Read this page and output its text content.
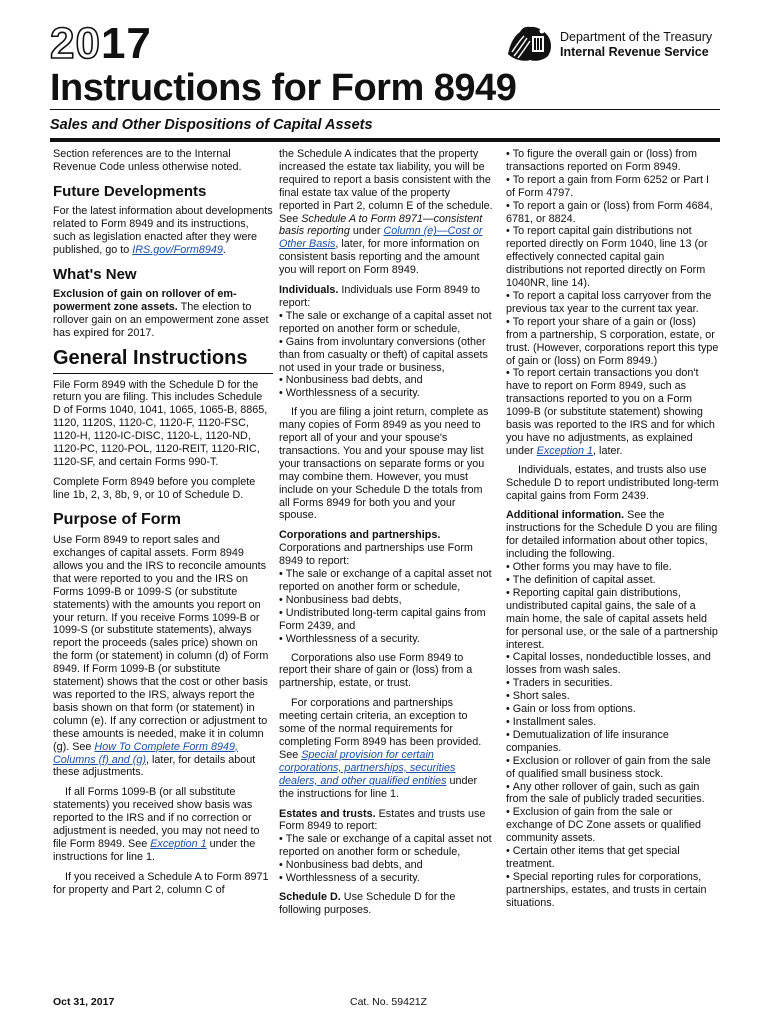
2017
Instructions for Form 8949
Department of the Treasury
Internal Revenue Service
Sales and Other Dispositions of Capital Assets

Section references are to the Internal Revenue Code unless otherwise noted.

Future Developments

For the latest information about developments related to Form 8949 and its instructions, such as legislation enacted after they were published, go to IRS.gov/Form8949.

What's New

Exclusion of gain on rollover of em-powerment zone assets. The election to rollover gain on an empowerment zone asset has expired for 2017.

General Instructions

File Form 8949 with the Schedule D for the return you are filing. This includes Schedule D of Forms 1040, 1041, 1065, 1065-B, 8865, 1120, 1120S, 1120-C, 1120-F, 1120-FSC, 1120-H, 1120-IC-DISC, 1120-L, 1120-ND, 1120-PC, 1120-POL, 1120-REIT, 1120-RIC, 1120-SF, and certain Forms 990-T.

Complete Form 8949 before you complete line 1b, 2, 3, 8b, 9, or 10 of Schedule D.

Purpose of Form

Use Form 8949 to report sales and exchanges of capital assets. Form 8949 allows you and the IRS to reconcile amounts that were reported to you and the IRS on Forms 1099-B or 1099-S (or substitute statements) with the amounts you report on your return. If you receive Forms 1099-B or 1099-S (or substitute statements), always report the proceeds (sales price) shown on the form (or statement) in column (d) of Form 8949. If Form 1099-B (or substitute statement) shows that the cost or other basis was reported to the IRS, always report the basis shown on that form (or statement) in column (e). If any correction or adjustment to these amounts is needed, make it in column (g). See How To Complete Form 8949, Columns (f) and (g), later, for details about these adjustments.

If all Forms 1099-B (or all substitute statements) you received show basis was reported to the IRS and if no correction or adjustment is needed, you may not need to file Form 8949. See Exception 1 under the instructions for line 1.

If you received a Schedule A to Form 8971 for property and Part 2, column C of

the Schedule A indicates that the property increased the estate tax liability, you will be required to report a basis consistent with the final estate tax value of the property reported in Part 2, column E of the schedule. See Schedule A to Form 8971—consistent basis reporting under Column (e)—Cost or Other Basis, later, for more information on consistent basis reporting and the amount you will report on Form 8949.

Individuals. Individuals use Form 8949 to report:

• The sale or exchange of a capital asset not reported on another form or schedule,
• Gains from involuntary conversions (other than from casualty or theft) of capital assets not used in your trade or business,
• Nonbusiness bad debts, and
• Worthlessness of a security.

If you are filing a joint return, complete as many copies of Form 8949 as you need to report all of your and your spouse's transactions. You and your spouse may list your transactions on separate forms or you may combine them. However, you must include on your Schedule D the totals from all Forms 8949 for both you and your spouse.

Corporations and partnerships. Corporations and partnerships use Form 8949 to report:

• The sale or exchange of a capital asset not reported on another form or schedule,
• Nonbusiness bad debts,
• Undistributed long-term capital gains from Form 2439, and
• Worthlessness of a security.

Corporations also use Form 8949 to report their share of gain or (loss) from a partnership, estate, or trust.

For corporations and partnerships meeting certain criteria, an exception to some of the normal requirements for completing Form 8949 has been provided. See Special provision for certain corporations, partnerships, securities dealers, and other qualified entities under the instructions for line 1.

Estates and trusts. Estates and trusts use Form 8949 to report:

• The sale or exchange of a capital asset not reported on another form or schedule,
• Nonbusiness bad debts, and
• Worthlessness of a security.

Schedule D. Use Schedule D for the following purposes.

• To figure the overall gain or (loss) from transactions reported on Form 8949.
• To report a gain from Form 6252 or Part I of Form 4797.
• To report a gain or (loss) from Form 4684, 6781, or 8824.
• To report capital gain distributions not reported directly on Form 1040, line 13 (or effectively connected capital gain distributions not reported directly on Form 1040NR, line 14).
• To report a capital loss carryover from the previous tax year to the current tax year.
• To report your share of a gain or (loss) from a partnership, S corporation, estate, or trust. (However, corporations report this type of gain or (loss) on Form 8949.)
• To report certain transactions you don't have to report on Form 8949, such as transactions reported to you on a Form 1099-B (or substitute statement) showing basis was reported to the IRS and for which you have no adjustments, as explained under Exception 1, later.

Individuals, estates, and trusts also use Schedule D to report undistributed long-term capital gains from Form 2439.

Additional information. See the instructions for the Schedule D you are filing for detailed information about other topics, including the following.

• Other forms you may have to file.
• The definition of capital asset.
• Reporting capital gain distributions, undistributed capital gains, the sale of a main home, the sale of capital assets held for personal use, or the sale of a partnership interest.
• Capital losses, nondeductible losses, and losses from wash sales.
• Traders in securities.
• Short sales.
• Gain or loss from options.
• Installment sales.
• Demutualization of life insurance companies.
• Exclusion or rollover of gain from the sale of qualified small business stock.
• Any other rollover of gain, such as gain from the sale of publicly traded securities.
• Exclusion of gain from the sale or exchange of DC Zone assets or qualified community assets.
• Certain other items that get special treatment.
• Special reporting rules for corporations, partnerships, estates, and trusts in certain situations.
Oct 31, 2017	Cat. No. 59421Z
